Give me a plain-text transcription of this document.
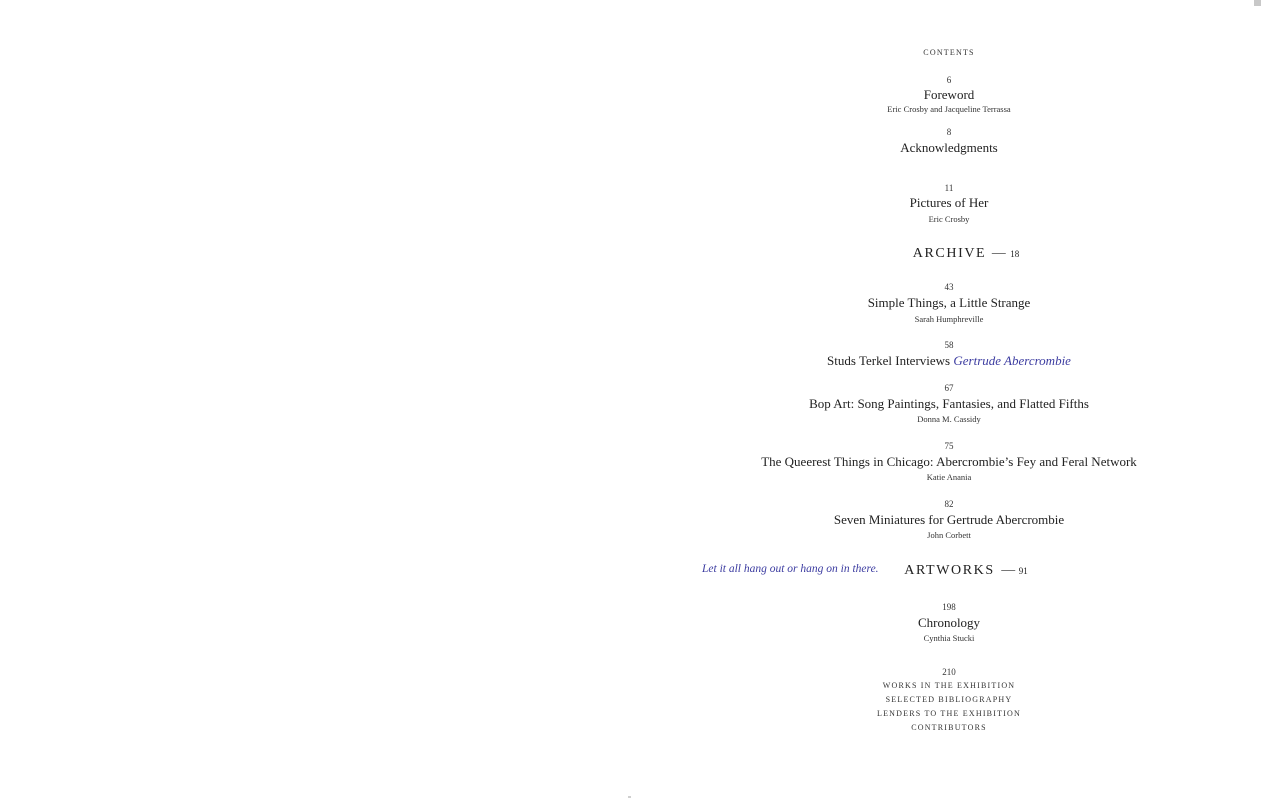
CONTENTS
6
Foreword
Eric Crosby and Jacqueline Terrassa
8
Acknowledgments
11
Pictures of Her
Eric Crosby
ARCHIVE	18
43
Simple Things, a Little Strange
Sarah Humphreville
58
Studs Terkel Interviews Gertrude Abercrombie
67
Bop Art: Song Paintings, Fantasies, and Flatted Fifths
Donna M. Cassidy
75
The Queerest Things in Chicago: Abercrombie’s Fey and Feral Network
Katie Anania
82
Seven Miniatures for Gertrude Abercrombie
John Corbett
Let it all hang out or hang on in there. ARTWORKS	91
198
Chronology
Cynthia Stucki
210
WORKS IN THE EXHIBITION
SELECTED BIBLIOGRAPHY
LENDERS TO THE EXHIBITION
CONTRIBUTORS
